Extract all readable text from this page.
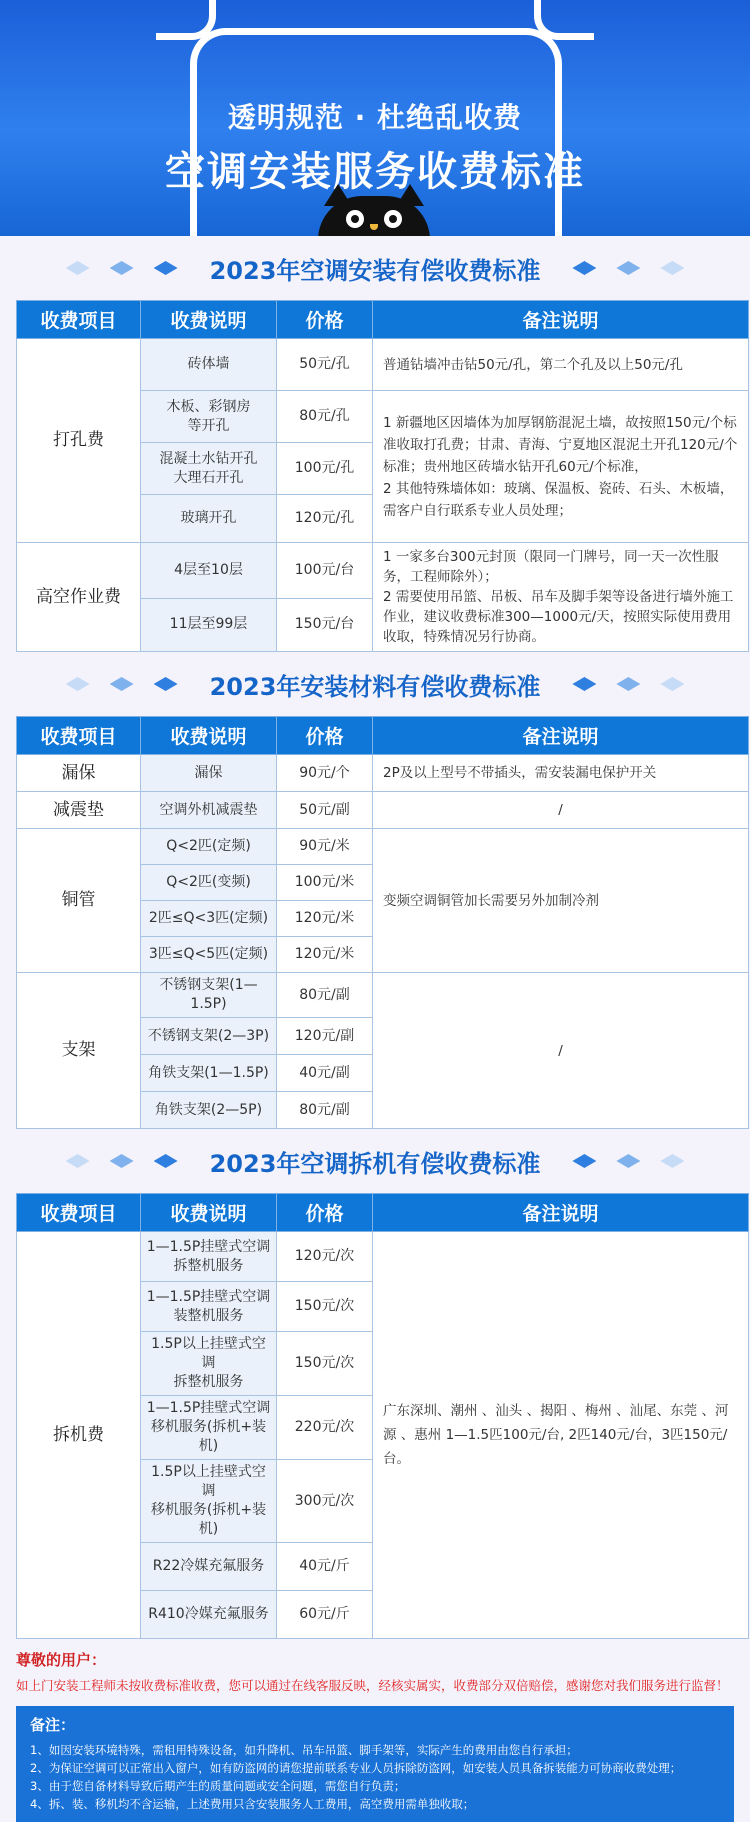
透明规范 · 杜绝乱收费
空调安装服务收费标准
2023年空调安装有偿收费标准
收费项目	收费说明	价格	备注说明
打孔费	砖体墙	50元/孔	普通钻墙冲击钻50元/孔，第二个孔及以上50元/孔
	木板、彩钢房
等开孔	80元/孔	1 新疆地区因墙体为加厚钢筋混泥土墙，故按照150元/个标准收取打孔费；甘肃、青海、宁夏地区混泥土开孔120元/个标准；贵州地区砖墙水钻开孔60元/个标准，
2 其他特殊墙体如：玻璃、保温板、瓷砖、石头、木板墙，需客户自行联系专业人员处理；
	混凝土水钻开孔
大理石开孔	100元/孔	
	玻璃开孔	120元/孔	
高空作业费	4层至10层	100元/台	1 一家多台300元封顶（限同一门牌号，同一天一次性服务，工程师除外）；
2 需要使用吊篮、吊板、吊车及脚手架等设备进行墙外施工作业，建议收费标准300—1000元/天，按照实际使用费用收取，特殊情况另行协商。
	11层至99层	150元/台	
2023年安装材料有偿收费标准
收费项目	收费说明	价格	备注说明
漏保	漏保	90元/个	2P及以上型号不带插头，需安装漏电保护开关
减震垫	空调外机减震垫	50元/副	/
铜管	Q<2匹(定频)	90元/米	变频空调铜管加长需要另外加制冷剂
	Q<2匹(变频)	100元/米	
	2匹≤Q<3匹(定频)	120元/米	
	3匹≤Q<5匹(定频)	120元/米	
支架	不锈钢支架(1—1.5P)	80元/副	/
	不锈钢支架(2—3P)	120元/副	
	角铁支架(1—1.5P)	40元/副	
	角铁支架(2—5P)	80元/副	
2023年空调拆机有偿收费标准
收费项目	收费说明	价格	备注说明
拆机费	1—1.5P挂壁式空调
拆整机服务	120元/次	广东深圳、潮州 、汕头 、揭阳 、梅州 、汕尾、东莞 、河源 、惠州 1—1.5匹100元/台, 2匹140元/台，3匹150元/台。
	1—1.5P挂壁式空调
装整机服务	150元/次	
	1.5P以上挂壁式空调
拆整机服务	150元/次	
	1—1.5P挂壁式空调
移机服务(拆机+装机)	220元/次	
	1.5P以上挂壁式空调
移机服务(拆机+装机)	300元/次	
	R22冷媒充氟服务	40元/斤	
	R410冷媒充氟服务	60元/斤	
尊敬的用户：
如上门安装工程师未按收费标准收费，您可以通过在线客服反映，经核实属实，收费部分双倍赔偿，感谢您对我们服务进行监督！
备注：
1、如因安装环境特殊，需租用特殊设备，如升降机、吊车吊篮、脚手架等，实际产生的费用由您自行承担；
2、为保证空调可以正常出入窗户，如有防盗网的请您提前联系专业人员拆除防盗网，如安装人员具备拆装能力可协商收费处理；
3、由于您自备材料导致后期产生的质量问题或安全问题，需您自行负责；
4、拆、装、移机均不含运输，上述费用只含安装服务人工费用，高空费用需单独收取；
